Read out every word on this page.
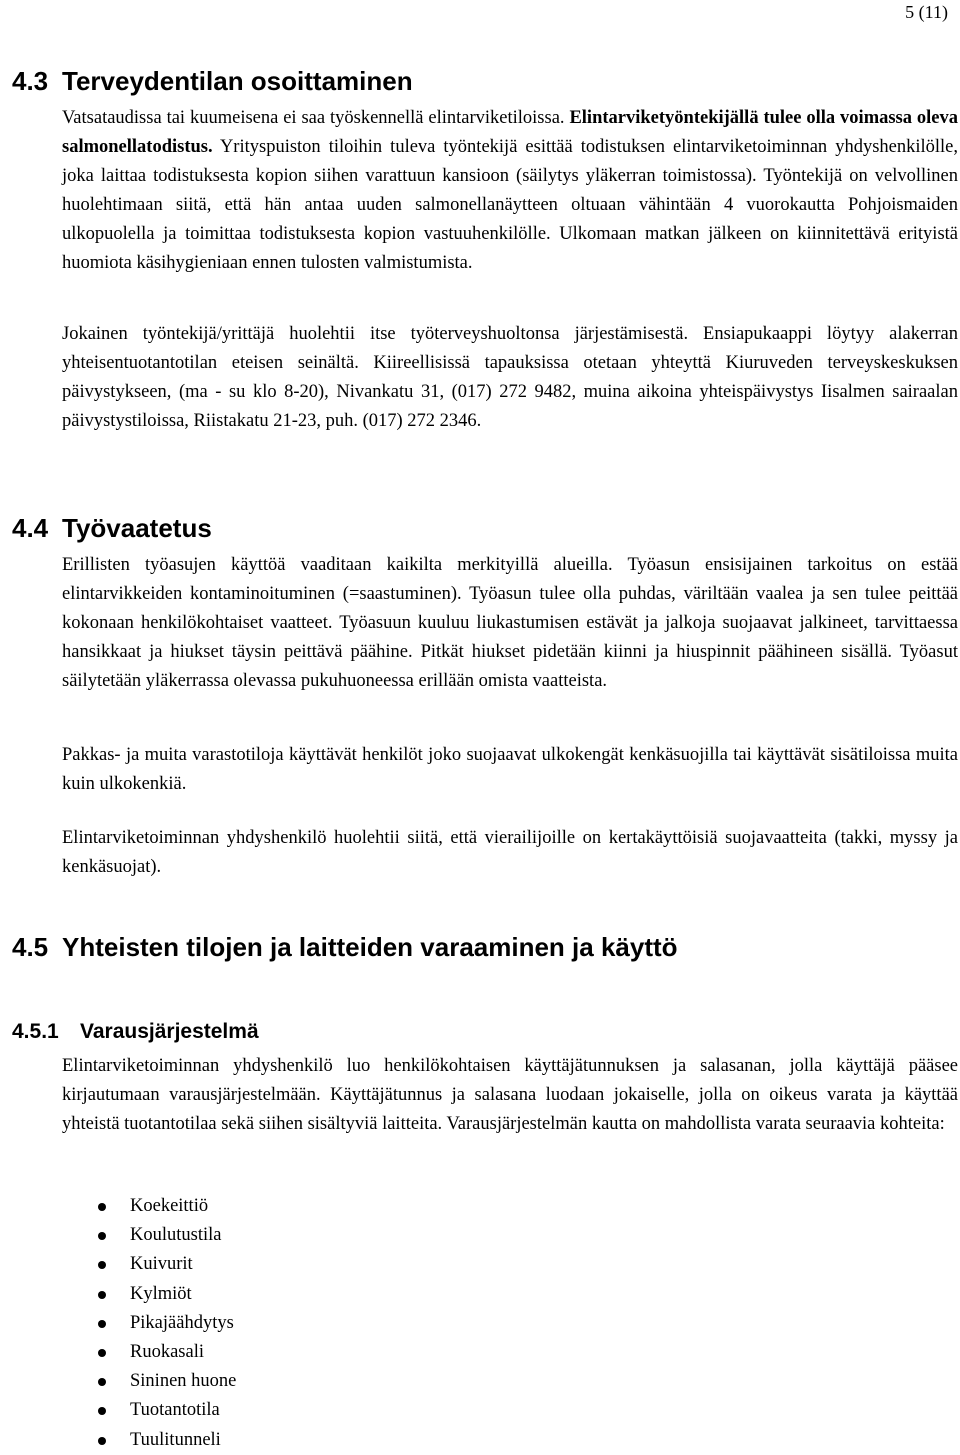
5 (11)
4.3 Terveydentilan osoittaminen

Vatsataudissa tai kuumeisena ei saa työskennellä elintarviketiloissa. Elintarviketyöntekijällä tulee olla voimassa oleva salmonellatodistus. Yrityspuiston tiloihin tuleva työntekijä esittää todistuksen elintarviketoiminnan yhdyshenkilölle, joka laittaa todistuksesta kopion siihen varattuun kansioon (säilytys yläkerran toimistossa). Työntekijä on velvollinen huolehtimaan siitä, että hän antaa uuden salmonellanäytteen oltuaan vähintään 4 vuorokautta Pohjoismaiden ulkopuolella ja toimittaa todistuksesta kopion vastuuhenkilölle. Ulkomaan matkan jälkeen on kiinnitettävä erityistä huomiota käsihygieniaan ennen tulosten valmistumista.

Jokainen työntekijä/yrittäjä huolehtii itse työterveyshuoltonsa järjestämisestä. Ensiapukaappi löytyy alakerran yhteisentuotantotilan eteisen seinältä. Kiireellisissä tapauksissa otetaan yhteyttä Kiuruveden terveyskeskuksen päivystykseen, (ma - su klo 8-20), Nivankatu 31, (017) 272 9482, muina aikoina yhteispäivystys Iisalmen sairaalan päivystystiloissa, Riistakatu 21-23, puh. (017) 272 2346.

4.4 Työvaatetus

Erillisten työasujen käyttöä vaaditaan kaikilta merkityillä alueilla. Työasun ensisijainen tarkoitus on estää elintarvikkeiden kontaminoituminen (=saastuminen). Työasun tulee olla puhdas, väriltään vaalea ja sen tulee peittää kokonaan henkilökohtaiset vaatteet. Työasuun kuuluu liukastumisen estävät ja jalkoja suojaavat jalkineet, tarvittaessa hansikkaat ja hiukset täysin peittävä päähine. Pitkät hiukset pidetään kiinni ja hiuspinnit päähineen sisällä. Työasut säilytetään yläkerrassa olevassa pukuhuoneessa erillään omista vaatteista.

Pakkas- ja muita varastotiloja käyttävät henkilöt joko suojaavat ulkokengät kenkäsuojilla tai käyttävät sisätiloissa muita kuin ulkokenkiä.

Elintarviketoiminnan yhdyshenkilö huolehtii siitä, että vierailijoille on kertakäyttöisiä suojavaatteita (takki, myssy ja kenkäsuojat).

4.5 Yhteisten tilojen ja laitteiden varaaminen ja käyttö
4.5.1 Varausjärjestelmä

Elintarviketoiminnan yhdyshenkilö luo henkilökohtaisen käyttäjätunnuksen ja salasanan, jolla käyttäjä pääsee kirjautumaan varausjärjestelmään. Käyttäjätunnus ja salasana luodaan jokaiselle, jolla on oikeus varata ja käyttää yhteistä tuotantotilaa sekä siihen sisältyviä laitteita. Varausjärjestelmän kautta on mahdollista varata seuraavia kohteita:

Koekeittiö
Koulutustila
Kuivurit
Kylmiöt
Pikajäähdytys
Ruokasali
Sininen huone
Tuotantotila
Tuulitunneli
